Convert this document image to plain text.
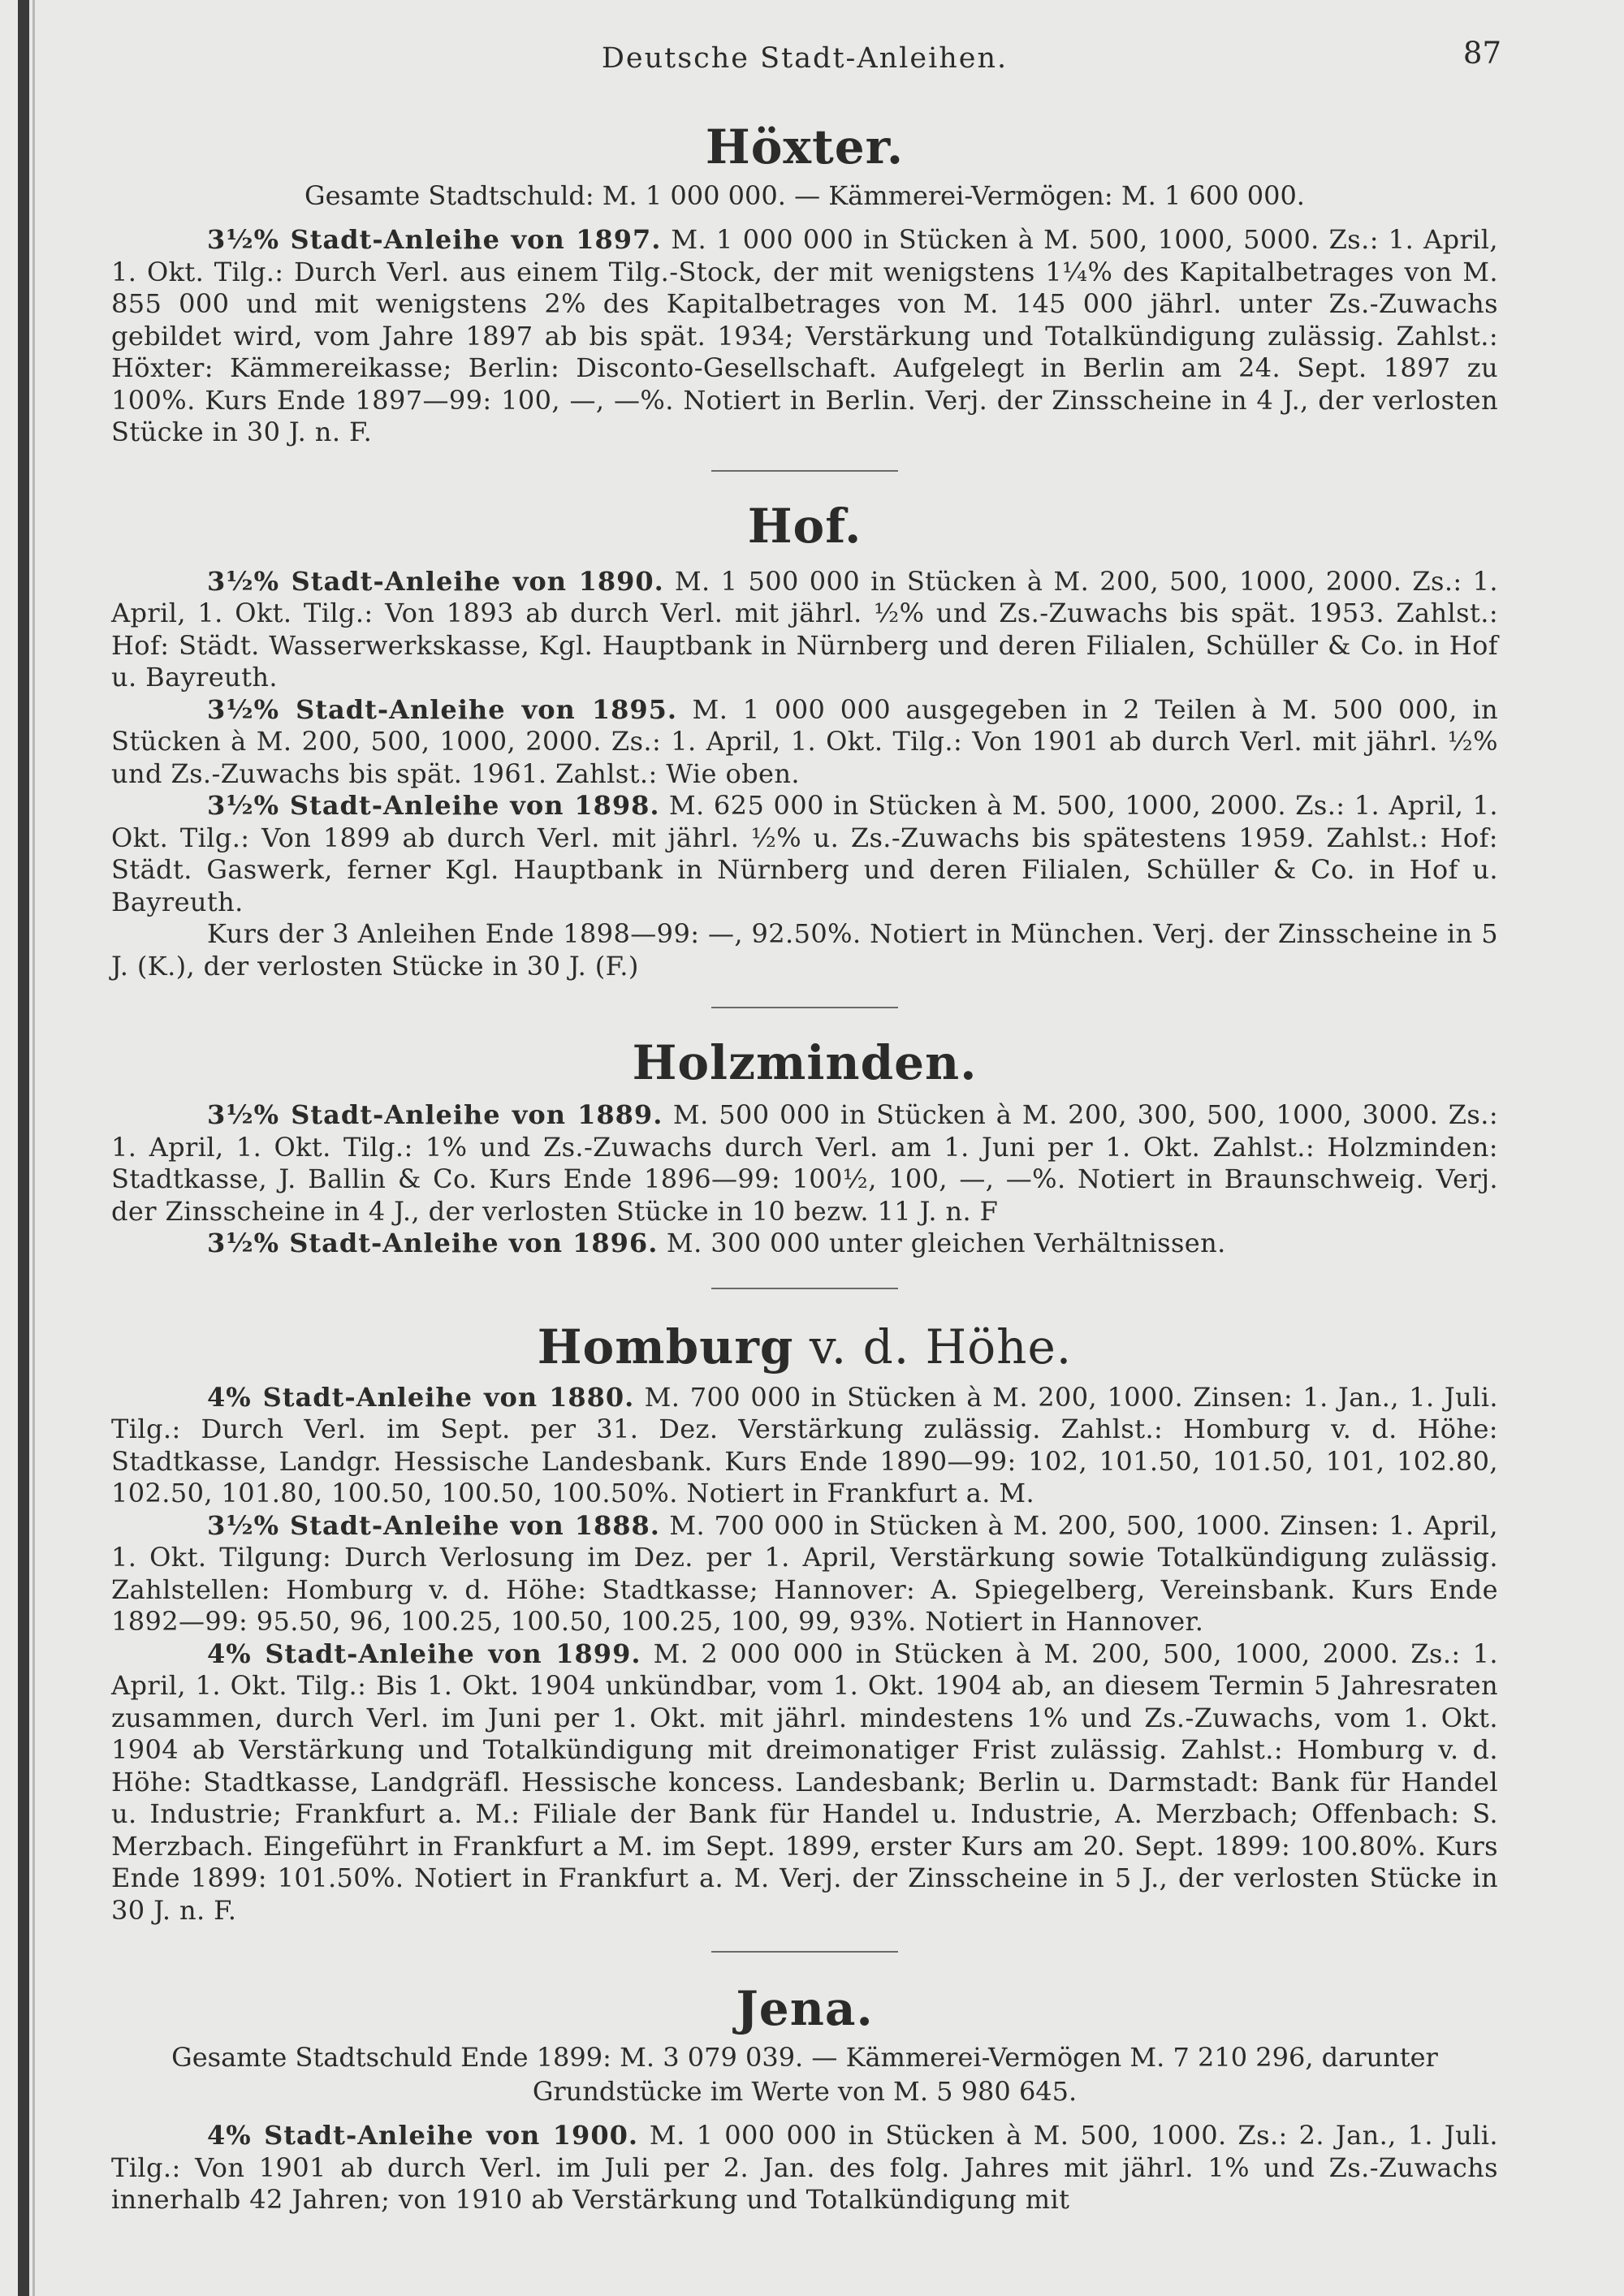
Deutsche Stadt-Anleihen.	87
Höxter.
Gesamte Stadtschuld: M. 1 000 000. — Kämmerei-Vermögen: M. 1 600 000.

3½% Stadt-Anleihe von 1897. M. 1 000 000 in Stücken à M. 500, 1000, 5000. Zs.: 1. April, 1. Okt. Tilg.: Durch Verl. aus einem Tilg.-Stock, der mit wenigstens 1¼% des Kapitalbetrages von M. 855 000 und mit wenigstens 2% des Kapitalbetrages von M. 145 000 jährl. unter Zs.-Zuwachs gebildet wird, vom Jahre 1897 ab bis spät. 1934; Verstärkung und Totalkündigung zulässig. Zahlst.: Höxter: Kämmereikasse; Berlin: Disconto-Gesellschaft. Aufgelegt in Berlin am 24. Sept. 1897 zu 100%. Kurs Ende 1897—99: 100, —, —%. Notiert in Berlin. Verj. der Zinsscheine in 4 J., der verlosten Stücke in 30 J. n. F.

Hof.

3½% Stadt-Anleihe von 1890. M. 1 500 000 in Stücken à M. 200, 500, 1000, 2000. Zs.: 1. April, 1. Okt. Tilg.: Von 1893 ab durch Verl. mit jährl. ½% und Zs.-Zuwachs bis spät. 1953. Zahlst.: Hof: Städt. Wasserwerkskasse, Kgl. Hauptbank in Nürnberg und deren Filialen, Schüller & Co. in Hof u. Bayreuth.

3½% Stadt-Anleihe von 1895. M. 1 000 000 ausgegeben in 2 Teilen à M. 500 000, in Stücken à M. 200, 500, 1000, 2000. Zs.: 1. April, 1. Okt. Tilg.: Von 1901 ab durch Verl. mit jährl. ½% und Zs.-Zuwachs bis spät. 1961. Zahlst.: Wie oben.

3½% Stadt-Anleihe von 1898. M. 625 000 in Stücken à M. 500, 1000, 2000. Zs.: 1. April, 1. Okt. Tilg.: Von 1899 ab durch Verl. mit jährl. ½% u. Zs.-Zuwachs bis spätestens 1959. Zahlst.: Hof: Städt. Gaswerk, ferner Kgl. Hauptbank in Nürnberg und deren Filialen, Schüller & Co. in Hof u. Bayreuth.

Kurs der 3 Anleihen Ende 1898—99: —, 92.50%. Notiert in München. Verj. der Zinsscheine in 5 J. (K.), der verlosten Stücke in 30 J. (F.)

Holzminden.

3½% Stadt-Anleihe von 1889. M. 500 000 in Stücken à M. 200, 300, 500, 1000, 3000. Zs.: 1. April, 1. Okt. Tilg.: 1% und Zs.-Zuwachs durch Verl. am 1. Juni per 1. Okt. Zahlst.: Holzminden: Stadtkasse, J. Ballin & Co. Kurs Ende 1896—99: 100½, 100, —, —%. Notiert in Braunschweig. Verj. der Zinsscheine in 4 J., der verlosten Stücke in 10 bezw. 11 J. n. F

3½% Stadt-Anleihe von 1896. M. 300 000 unter gleichen Verhältnissen.

Homburg v. d. Höhe.

4% Stadt-Anleihe von 1880. M. 700 000 in Stücken à M. 200, 1000. Zinsen: 1. Jan., 1. Juli. Tilg.: Durch Verl. im Sept. per 31. Dez. Verstärkung zulässig. Zahlst.: Homburg v. d. Höhe: Stadtkasse, Landgr. Hessische Landesbank. Kurs Ende 1890—99: 102, 101.50, 101.50, 101, 102.80, 102.50, 101.80, 100.50, 100.50, 100.50%. Notiert in Frankfurt a. M.

3½% Stadt-Anleihe von 1888. M. 700 000 in Stücken à M. 200, 500, 1000. Zinsen: 1. April, 1. Okt. Tilgung: Durch Verlosung im Dez. per 1. April, Verstärkung sowie Totalkündigung zulässig. Zahlstellen: Homburg v. d. Höhe: Stadtkasse; Hannover: A. Spiegelberg, Vereinsbank. Kurs Ende 1892—99: 95.50, 96, 100.25, 100.50, 100.25, 100, 99, 93%. Notiert in Hannover.

4% Stadt-Anleihe von 1899. M. 2 000 000 in Stücken à M. 200, 500, 1000, 2000. Zs.: 1. April, 1. Okt. Tilg.: Bis 1. Okt. 1904 unkündbar, vom 1. Okt. 1904 ab, an diesem Termin 5 Jahresraten zusammen, durch Verl. im Juni per 1. Okt. mit jährl. mindestens 1% und Zs.-Zuwachs, vom 1. Okt. 1904 ab Verstärkung und Totalkündigung mit dreimonatiger Frist zulässig. Zahlst.: Homburg v. d. Höhe: Stadtkasse, Landgräfl. Hessische koncess. Landesbank; Berlin u. Darmstadt: Bank für Handel u. Industrie; Frankfurt a. M.: Filiale der Bank für Handel u. Industrie, A. Merzbach; Offenbach: S. Merzbach. Eingeführt in Frankfurt a M. im Sept. 1899, erster Kurs am 20. Sept. 1899: 100.80%. Kurs Ende 1899: 101.50%. Notiert in Frankfurt a. M. Verj. der Zinsscheine in 5 J., der verlosten Stücke in 30 J. n. F.

Jena.
Gesamte Stadtschuld Ende 1899: M. 3 079 039. — Kämmerei-Vermögen M. 7 210 296, darunter Grundstücke im Werte von M. 5 980 645.

4% Stadt-Anleihe von 1900. M. 1 000 000 in Stücken à M. 500, 1000. Zs.: 2. Jan., 1. Juli. Tilg.: Von 1901 ab durch Verl. im Juli per 2. Jan. des folg. Jahres mit jährl. 1% und Zs.-Zuwachs innerhalb 42 Jahren; von 1910 ab Verstärkung und Totalkündigung mit
